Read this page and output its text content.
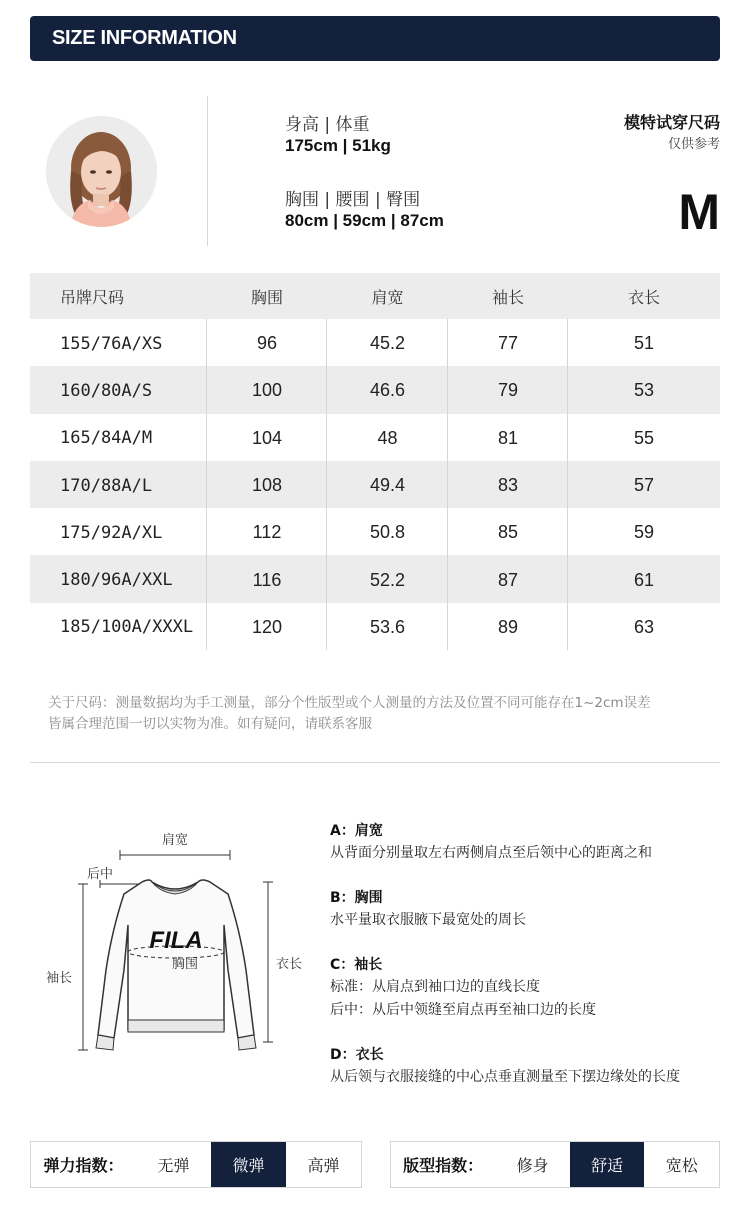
SIZE INFORMATION
身高 | 体重
175cm | 51kg
胸围 | 腰围 | 臀围
80cm | 59cm | 87cm
模特试穿尺码
仅供参考
M
吊牌尺码	胸围	肩宽	袖长	衣长
155/76A/XS	96	45.2	77	51
160/80A/S	100	46.6	79	53
165/84A/M	104	48	81	55
170/88A/L	108	49.4	83	57
175/92A/XL	112	50.8	85	59
180/96A/XXL	116	52.2	87	61
185/100A/XXXL	120	53.6	89	63
关于尺码：测量数据均为手工测量，部分个性版型或个人测量的方法及位置不同可能存在1~2cm误差
皆属合理范围一切以实物为准。如有疑问，请联系客服
肩宽
后中
袖长
衣长
FILA
胸围
A：肩宽
从背面分别量取左右两侧肩点至后领中心的距离之和
B：胸围
水平量取衣服腋下最宽处的周长
C：袖长
标准：从肩点到袖口边的直线长度
后中：从后中领缝至肩点再至袖口边的长度
D：衣长
从后领与衣服接缝的中心点垂直测量至下摆边缘处的长度
弹力指数：	无弹	微弹	高弹	版型指数：	修身	舒适	宽松
